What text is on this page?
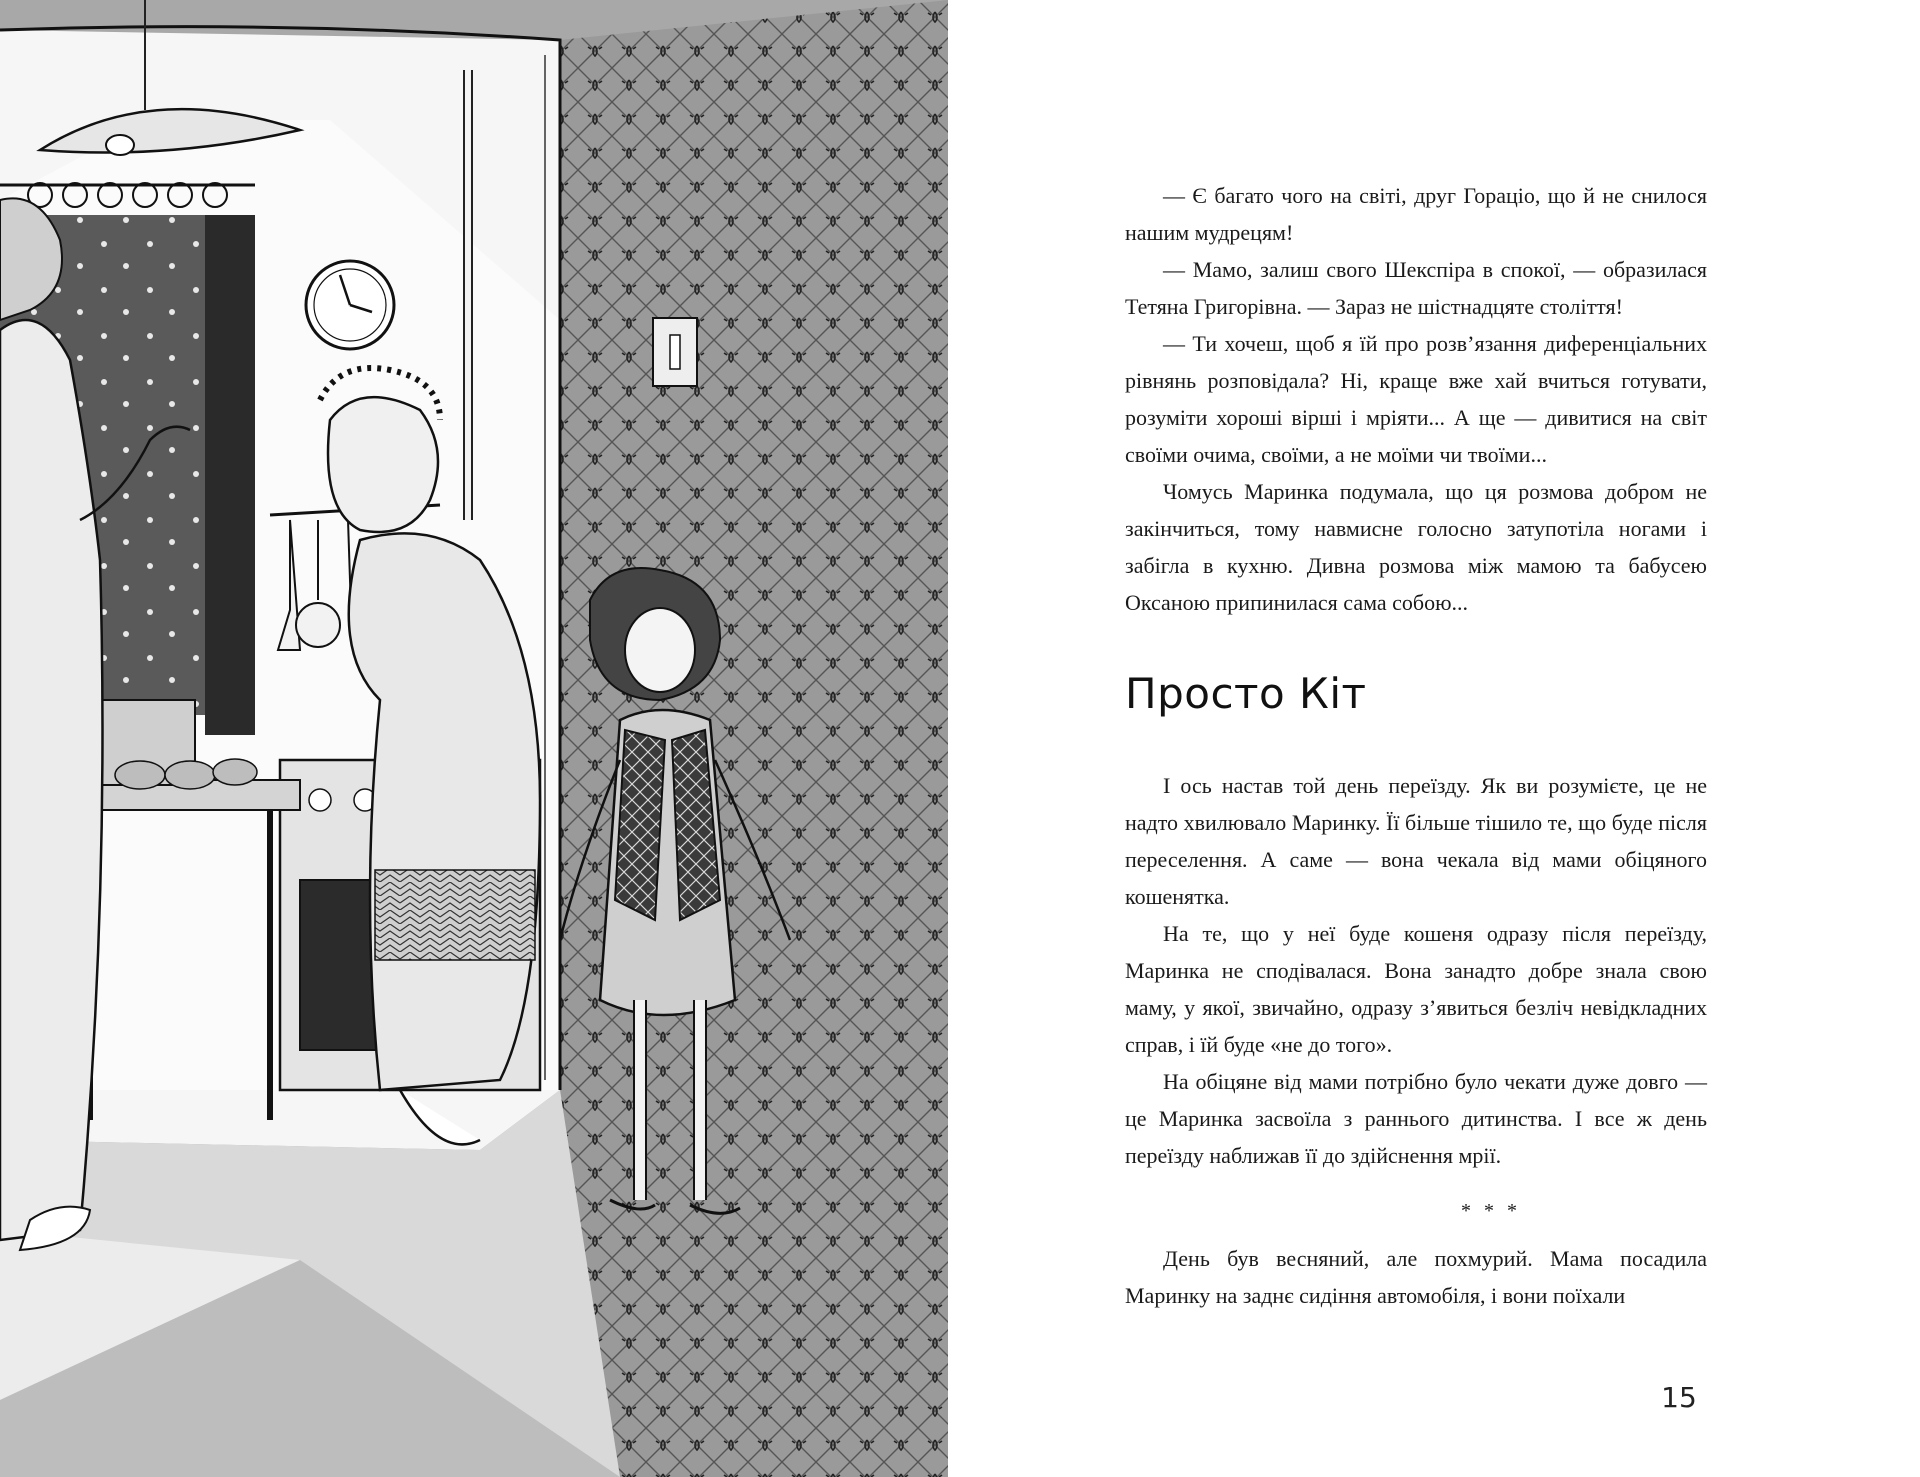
— Є багато чого на світі, друг Гораціо, що й не снилося нашим мудрецям!

— Мамо, залиш свого Шекспіра в спокої, — образилася Тетяна Григорівна. — Зараз не шістнадцяте століття!

— Ти хочеш, щоб я їй про розв’язання диференціальних рівнянь розповідала? Ні, краще вже хай вчиться готувати, розуміти хороші вірші і мріяти... А ще — дивитися на світ своїми очима, своїми, а не моїми чи твоїми...

Чомусь Маринка подумала, що ця розмова добром не закінчиться, тому навмисне голосно затупотіла ногами і забігла в кухню. Дивна розмова між мамою та бабусею Оксаною припинилася сама собою...

Просто Кіт

І ось настав той день переїзду. Як ви розумієте, це не надто хвилювало Маринку. Її більше тішило те, що буде після переселення. А саме — вона чекала від мами обіцяного кошенятка.

На те, що у неї буде кошеня одразу після переїзду, Маринка не сподівалася. Вона занадто добре знала свою маму, у якої, звичайно, одразу з’явиться безліч невідкладних справ, і їй буде «не до того».

На обіцяне від мами потрібно було чекати дуже довго — це Маринка засвоїла з раннього дитинства. І все ж день переїзду наближав її до здійснення мрії.

* * *

День був весняний, але похмурий. Мама посадила Маринку на заднє сидіння автомобіля, і вони поїхали

15
